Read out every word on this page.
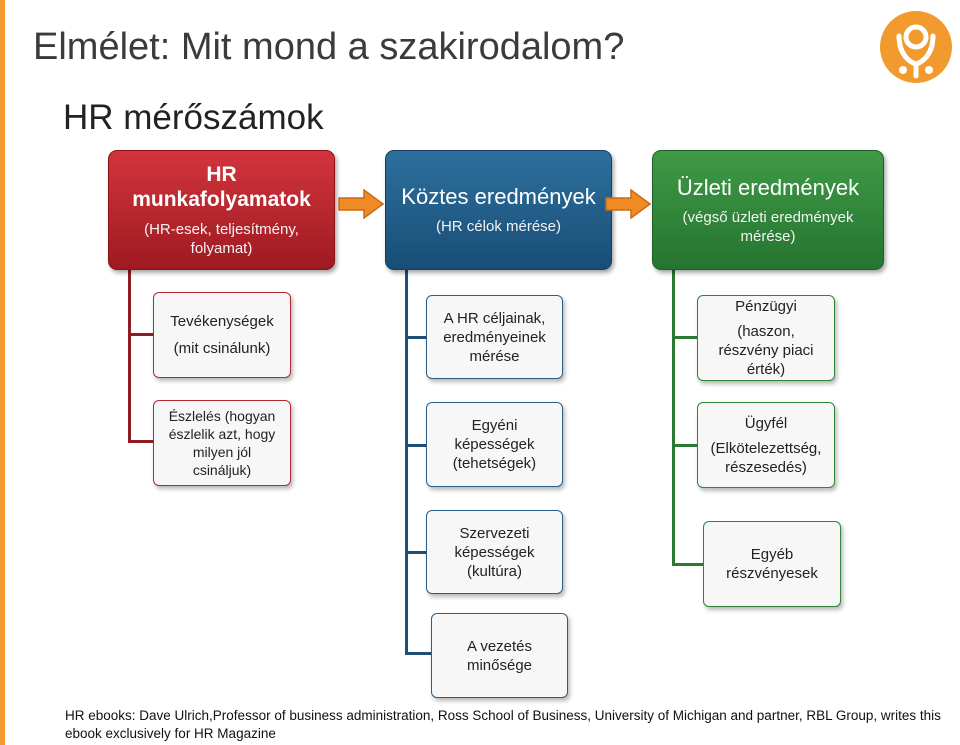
Elmélet: Mit mond a szakirodalom?
HR mérőszámok
HR munkafolyamatok
(HR-esek, teljesítmény, folyamat)
Köztes eredmények
(HR célok mérése)
Üzleti eredmények
(végső üzleti eredmények mérése)
Tevékenységek
(mit csinálunk)
Észlelés (hogyan észlelik azt, hogy milyen jól csináljuk)
A HR céljainak, eredményeinek mérése
Egyéni képességek (tehetségek)
Szervezeti képességek (kultúra)
A vezetés minősége
Pénzügyi
(haszon, részvény piaci érték)
Ügyfél
(Elkötelezettség, részesedés)
Egyéb részvényesek
HR ebooks: Dave Ulrich,Professor of business administration, Ross School of Business, University of Michigan and partner, RBL Group, writes this ebook exclusively for HR Magazine
